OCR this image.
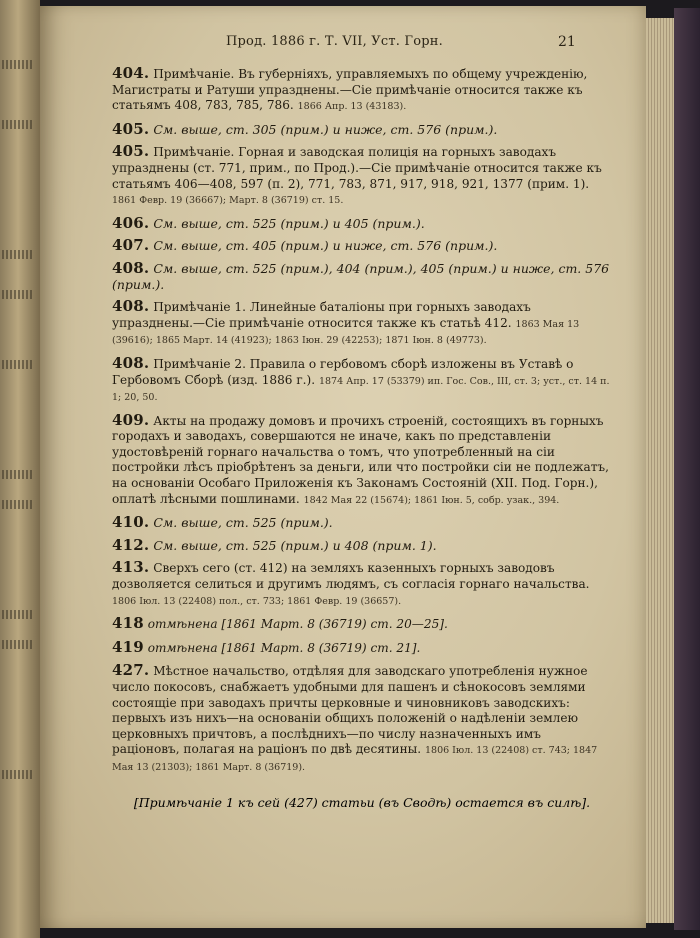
Прод. 1886 г. Т. VII, Уст. Горн.	21

404. Примѣчаніе. Въ губерніяхъ, управляемыхъ по общему учрежденію, Магистраты и Ратуши упразднены.—Сіе примѣчаніе относится также къ статьямъ 408, 783, 785, 786. 1866 Апр. 13 (43183).

405. См. выше, ст. 305 (прим.) и ниже, ст. 576 (прим.).

405. Примѣчаніе. Горная и заводская полиція на горныхъ заводахъ упразднены (ст. 771, прим., по Прод.).—Сіе примѣчаніе относится также къ статьямъ 406—408, 597 (п. 2), 771, 783, 871, 917, 918, 921, 1377 (прим. 1). 1861 Февр. 19 (36667); Март. 8 (36719) ст. 15.

406. См. выше, ст. 525 (прим.) и 405 (прим.).

407. См. выше, ст. 405 (прим.) и ниже, ст. 576 (прим.).

408. См. выше, ст. 525 (прим.), 404 (прим.), 405 (прим.) и ниже, ст. 576 (прим.).

408. Примѣчаніе 1. Линейные баталіоны при горныхъ заводахъ упразднены.—Сіе примѣчаніе относится также къ статьѣ 412. 1863 Мая 13 (39616); 1865 Март. 14 (41923); 1863 Іюн. 29 (42253); 1871 Іюн. 8 (49773).

408. Примѣчаніе 2. Правила о гербовомъ сборѣ изложены въ Уставѣ о Гербовомъ Сборѣ (изд. 1886 г.). 1874 Апр. 17 (53379) ип. Гос. Сов., III, ст. 3; уст., ст. 14 п. 1; 20, 50.

409. Акты на продажу домовъ и прочихъ строеній, состоящихъ въ горныхъ городахъ и заводахъ, совершаются не иначе, какъ по представленіи удостовѣреній горнаго начальства о томъ, что употребленный на сіи постройки лѣсъ пріобрѣтенъ за деньги, или что постройки сіи не подлежатъ, на основаніи Особаго Приложенія къ Законамъ Состояній (XII. Под. Горн.), оплатѣ лѣсными пошлинами. 1842 Мая 22 (15674); 1861 Іюн. 5, собр. узак., 394.

410. См. выше, ст. 525 (прим.).

412. См. выше, ст. 525 (прим.) и 408 (прим. 1).

413. Сверхъ сего (ст. 412) на земляхъ казенныхъ горныхъ заводовъ дозволяется селиться и другимъ людямъ, съ согласія горнаго начальства. 1806 Іюл. 13 (22408) пол., ст. 733; 1861 Февр. 19 (36657).

418 отмѣнена [1861 Март. 8 (36719) ст. 20—25].

419 отмѣнена [1861 Март. 8 (36719) ст. 21].

427. Мѣстное начальство, отдѣляя для заводскаго употребленія нужное число покосовъ, снабжаетъ удобными для пашенъ и сѣнокосовъ землями состоящіе при заводахъ причты церковные и чиновниковъ заводскихъ: первыхъ изъ нихъ—на основаніи общихъ положеній о надѣленіи землею церковныхъ причтовъ, а послѣднихъ—по числу назначенныхъ имъ раціоновъ, полагая на раціонъ по двѣ десятины. 1806 Іюл. 13 (22408) ст. 743; 1847 Мая 13 (21303); 1861 Март. 8 (36719).

[Примѣчаніе 1 къ сей (427) статьи (въ Сводѣ) остается въ силѣ].
